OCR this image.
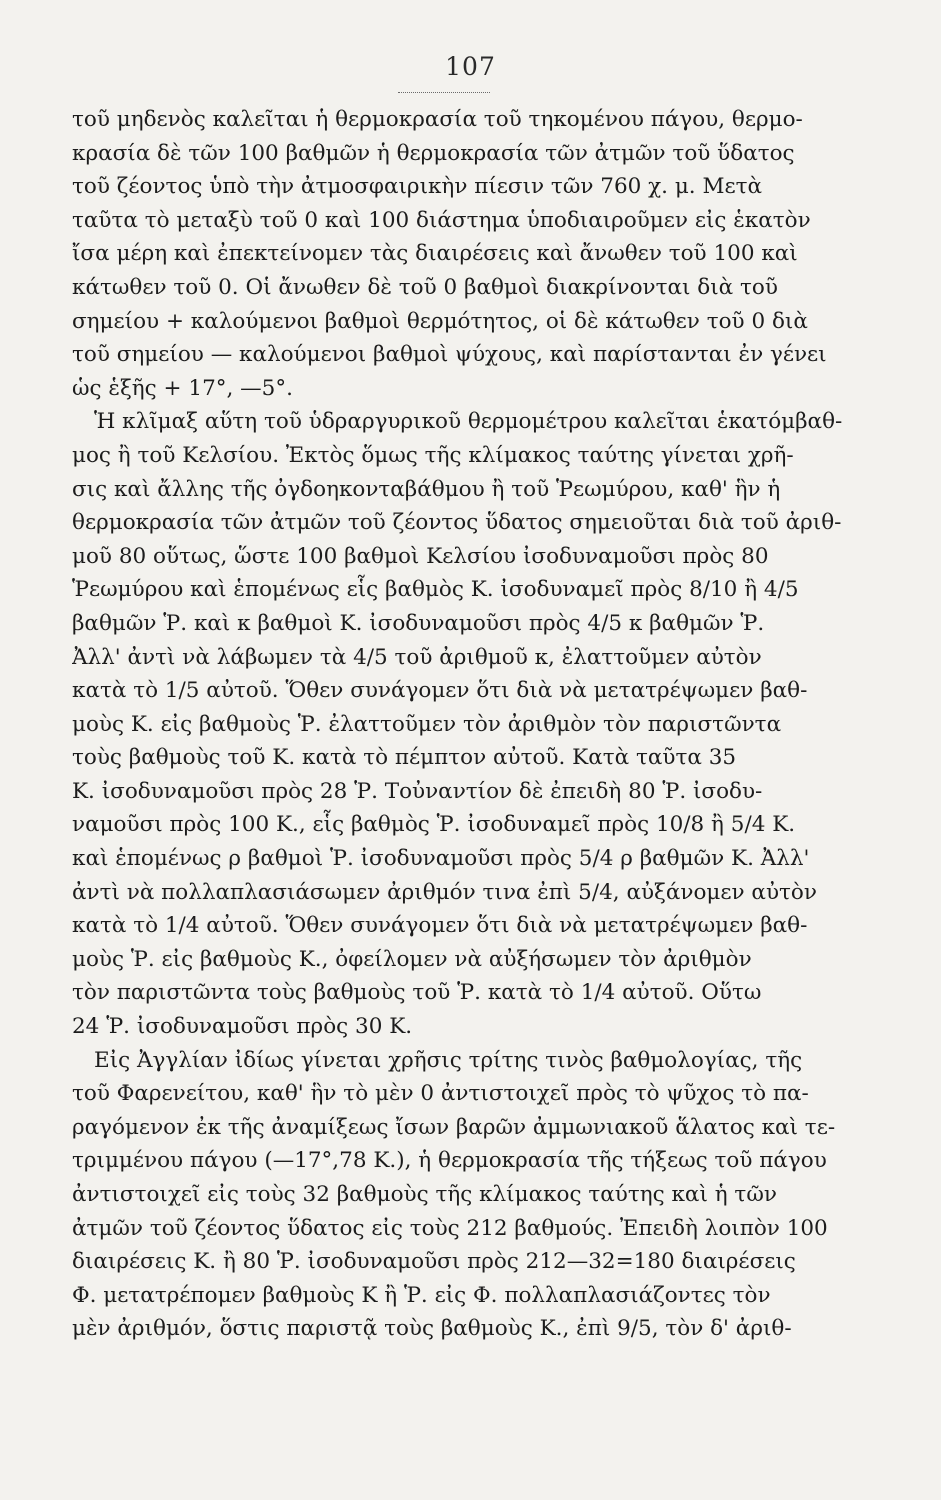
107
τοῦ μηδενὸς καλεῖται ἡ θερμοκρασία τοῦ τηκομένου πάγου, θερμο-
κρασία δὲ τῶν 100 βαθμῶν ἡ θερμοκρασία τῶν ἀτμῶν τοῦ ὕδατος
τοῦ ζέοντος ὑπὸ τὴν ἀτμοσφαιρικὴν πίεσιν τῶν 760 χ. μ. Μετὰ
ταῦτα τὸ μεταξὺ τοῦ 0 καὶ 100 διάστημα ὑποδιαιροῦμεν εἰς ἑκατὸν
ἴσα μέρη καὶ ἐπεκτείνομεν τὰς διαιρέσεις καὶ ἄνωθεν τοῦ 100 καὶ
κάτωθεν τοῦ 0. Οἱ ἄνωθεν δὲ τοῦ 0 βαθμοὶ διακρίνονται διὰ τοῦ
σημείου + καλούμενοι βαθμοὶ θερμότητος, οἱ δὲ κάτωθεν τοῦ 0 διὰ
τοῦ σημείου — καλούμενοι βαθμοὶ ψύχους, καὶ παρίστανται ἐν γένει
ὡς ἑξῆς + 17°, —5°.
Ἡ κλῖμαξ αὕτη τοῦ ὑδραργυρικοῦ θερμομέτρου καλεῖται ἑκατόμβαθ-
μος ἢ τοῦ Κελσίου. Ἐκτὸς ὅμως τῆς κλίμακος ταύτης γίνεται χρῆ-
σις καὶ ἄλλης τῆς ὀγδοηκονταβάθμου ἢ τοῦ Ῥεωμύρου, καθ' ἣν ἡ
θερμοκρασία τῶν ἀτμῶν τοῦ ζέοντος ὕδατος σημειοῦται διὰ τοῦ ἀριθ-
μοῦ 80 οὕτως, ὥστε 100 βαθμοὶ Κελσίου ἰσοδυναμοῦσι πρὸς 80
Ῥεωμύρου καὶ ἑπομένως εἷς βαθμὸς Κ. ἰσοδυναμεῖ πρὸς 8/10 ἢ 4/5
βαθμῶν Ῥ. καὶ κ βαθμοὶ Κ. ἰσοδυναμοῦσι πρὸς 4/5 κ βαθμῶν Ῥ.
Ἀλλ' ἀντὶ νὰ λάβωμεν τὰ 4/5 τοῦ ἀριθμοῦ κ, ἐλαττοῦμεν αὐτὸν
κατὰ τὸ 1/5 αὐτοῦ. Ὅθεν συνάγομεν ὅτι διὰ νὰ μετατρέψωμεν βαθ-
μοὺς Κ. εἰς βαθμοὺς Ῥ. ἐλαττοῦμεν τὸν ἀριθμὸν τὸν παριστῶντα
τοὺς βαθμοὺς τοῦ Κ. κατὰ τὸ πέμπτον αὐτοῦ. Κατὰ ταῦτα 35
Κ. ἰσοδυναμοῦσι πρὸς 28 Ῥ. Τοὐναντίον δὲ ἐπειδὴ 80 Ῥ. ἰσοδυ-
ναμοῦσι πρὸς 100 Κ., εἷς βαθμὸς Ῥ. ἰσοδυναμεῖ πρὸς 10/8 ἢ 5/4 Κ.
καὶ ἑπομένως ρ βαθμοὶ Ῥ. ἰσοδυναμοῦσι πρὸς 5/4 ρ βαθμῶν Κ. Ἀλλ'
ἀντὶ νὰ πολλαπλασιάσωμεν ἀριθμόν τινα ἐπὶ 5/4, αὐξάνομεν αὐτὸν
κατὰ τὸ 1/4 αὐτοῦ. Ὅθεν συνάγομεν ὅτι διὰ νὰ μετατρέψωμεν βαθ-
μοὺς Ῥ. εἰς βαθμοὺς Κ., ὀφείλομεν νὰ αὐξήσωμεν τὸν ἀριθμὸν
τὸν παριστῶντα τοὺς βαθμοὺς τοῦ Ῥ. κατὰ τὸ 1/4 αὐτοῦ. Οὕτω
24 Ῥ. ἰσοδυναμοῦσι πρὸς 30 Κ.
Εἰς Ἀγγλίαν ἰδίως γίνεται χρῆσις τρίτης τινὸς βαθμολογίας, τῆς
τοῦ Φαρενείτου, καθ' ἣν τὸ μὲν 0 ἀντιστοιχεῖ πρὸς τὸ ψῦχος τὸ πα-
ραγόμενον ἐκ τῆς ἀναμίξεως ἴσων βαρῶν ἀμμωνιακοῦ ἅλατος καὶ τε-
τριμμένου πάγου (—17°,78 Κ.), ἡ θερμοκρασία τῆς τήξεως τοῦ πάγου
ἀντιστοιχεῖ εἰς τοὺς 32 βαθμοὺς τῆς κλίμακος ταύτης καὶ ἡ τῶν
ἀτμῶν τοῦ ζέοντος ὕδατος εἰς τοὺς 212 βαθμούς. Ἐπειδὴ λοιπὸν 100
διαιρέσεις Κ. ἢ 80 Ῥ. ἰσοδυναμοῦσι πρὸς 212—32=180 διαιρέσεις
Φ. μετατρέπομεν βαθμοὺς Κ ἢ Ῥ. εἰς Φ. πολλαπλασιάζοντες τὸν
μὲν ἀριθμόν, ὅστις παριστᾷ τοὺς βαθμοὺς Κ., ἐπὶ 9/5, τὸν δ' ἀριθ-
